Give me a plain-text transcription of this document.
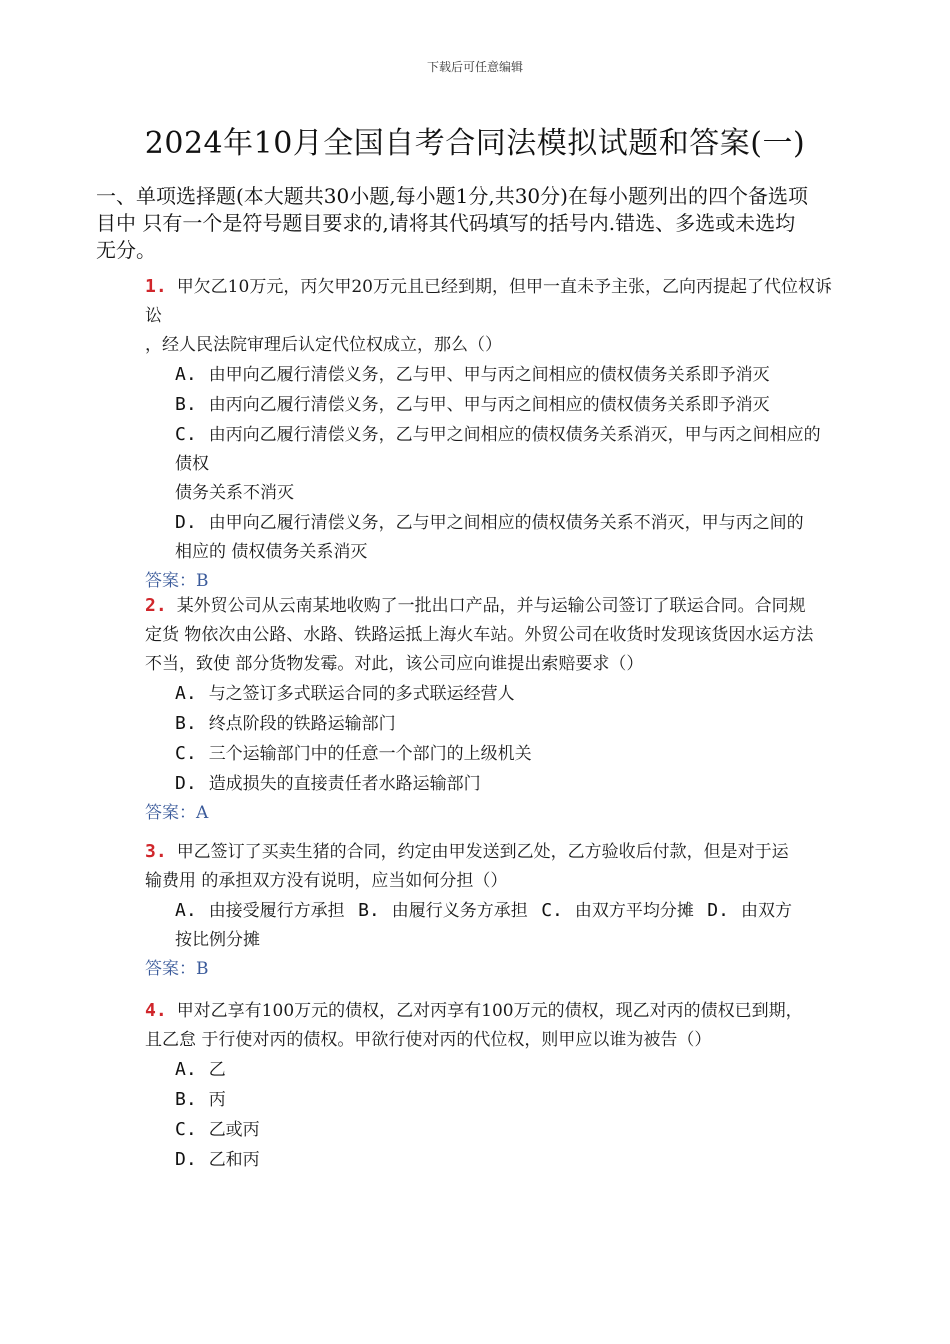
下载后可任意编辑
2024年10月全国自考合同法模拟试题和答案(一)
一、单项选择题(本大题共30小题,每小题1分,共30分)在每小题列出的四个备选项
目中 只有一个是符号题目要求的,请将其代码填写的括号内.错选、多选或未选均
无分。
1. 甲欠乙10万元，丙欠甲20万元且已经到期，但甲一直未予主张，乙向丙提起了代位权诉
讼
，经人民法院审理后认定代位权成立，那么（）
A. 由甲向乙履行清偿义务，乙与甲、甲与丙之间相应的债权债务关系即予消灭
B. 由丙向乙履行清偿义务，乙与甲、甲与丙之间相应的债权债务关系即予消灭
C. 由丙向乙履行清偿义务，乙与甲之间相应的债权债务关系消灭，甲与丙之间相应的
债权
债务关系不消灭
D. 由甲向乙履行清偿义务，乙与甲之间相应的债权债务关系不消灭，甲与丙之间的
相应的 债权债务关系消灭
答案：B
2. 某外贸公司从云南某地收购了一批出口产品，并与运输公司签订了联运合同。合同规
定货 物依次由公路、水路、铁路运抵上海火车站。外贸公司在收货时发现该货因水运方法
不当，致使 部分货物发霉。对此，该公司应向谁提出索赔要求（）
A. 与之签订多式联运合同的多式联运经营人
B. 终点阶段的铁路运输部门
C. 三个运输部门中的任意一个部门的上级机关
D. 造成损失的直接责任者水路运输部门
答案：A
3. 甲乙签订了买卖生猪的合同，约定由甲发送到乙处，乙方验收后付款，但是对于运
输费用 的承担双方没有说明，应当如何分担（）
A. 由接受履行方承担 B. 由履行义务方承担 C. 由双方平均分摊 D. 由双方
按比例分摊
答案：B
4. 甲对乙享有100万元的债权，乙对丙享有100万元的债权，现乙对丙的债权已到期，
且乙怠 于行使对丙的债权。甲欲行使对丙的代位权，则甲应以谁为被告（）
A. 乙
B. 丙
C. 乙或丙
D. 乙和丙
